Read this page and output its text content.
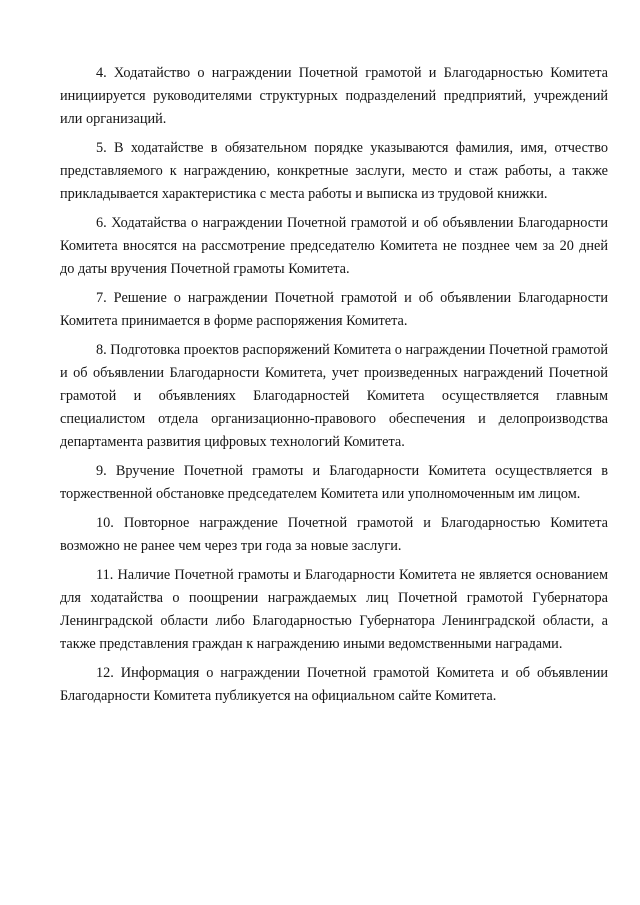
4. Ходатайство о награждении Почетной грамотой и Благодарностью Комитета инициируется руководителями структурных подразделений предприятий, учреждений или организаций.

5. В ходатайстве в обязательном порядке указываются фамилия, имя, отчество представляемого к награждению, конкретные заслуги, место и стаж работы, а также прикладывается характеристика с места работы и выписка из трудовой книжки.

6. Ходатайства о награждении Почетной грамотой и об объявлении Благодарности Комитета вносятся на рассмотрение председателю Комитета не позднее чем за 20 дней до даты вручения Почетной грамоты Комитета.

7. Решение о награждении Почетной грамотой и об объявлении Благодарности Комитета принимается в форме распоряжения Комитета.

8. Подготовка проектов распоряжений Комитета о награждении Почетной грамотой и об объявлении Благодарности Комитета, учет произведенных награждений Почетной грамотой и объявлениях Благодарностей Комитета осуществляется главным специалистом отдела организационно-правового обеспечения и делопроизводства департамента развития цифровых технологий Комитета.

9. Вручение Почетной грамоты и Благодарности Комитета осуществляется в торжественной обстановке председателем Комитета или уполномоченным им лицом.

10. Повторное награждение Почетной грамотой и Благодарностью Комитета возможно не ранее чем через три года за новые заслуги.

11. Наличие Почетной грамоты и Благодарности Комитета не является основанием для ходатайства о поощрении награждаемых лиц Почетной грамотой Губернатора Ленинградской области либо Благодарностью Губернатора Ленинградской области, а также представления граждан к награждению иными ведомственными наградами.

12. Информация о награждении Почетной грамотой Комитета и об объявлении Благодарности Комитета публикуется на официальном сайте Комитета.
